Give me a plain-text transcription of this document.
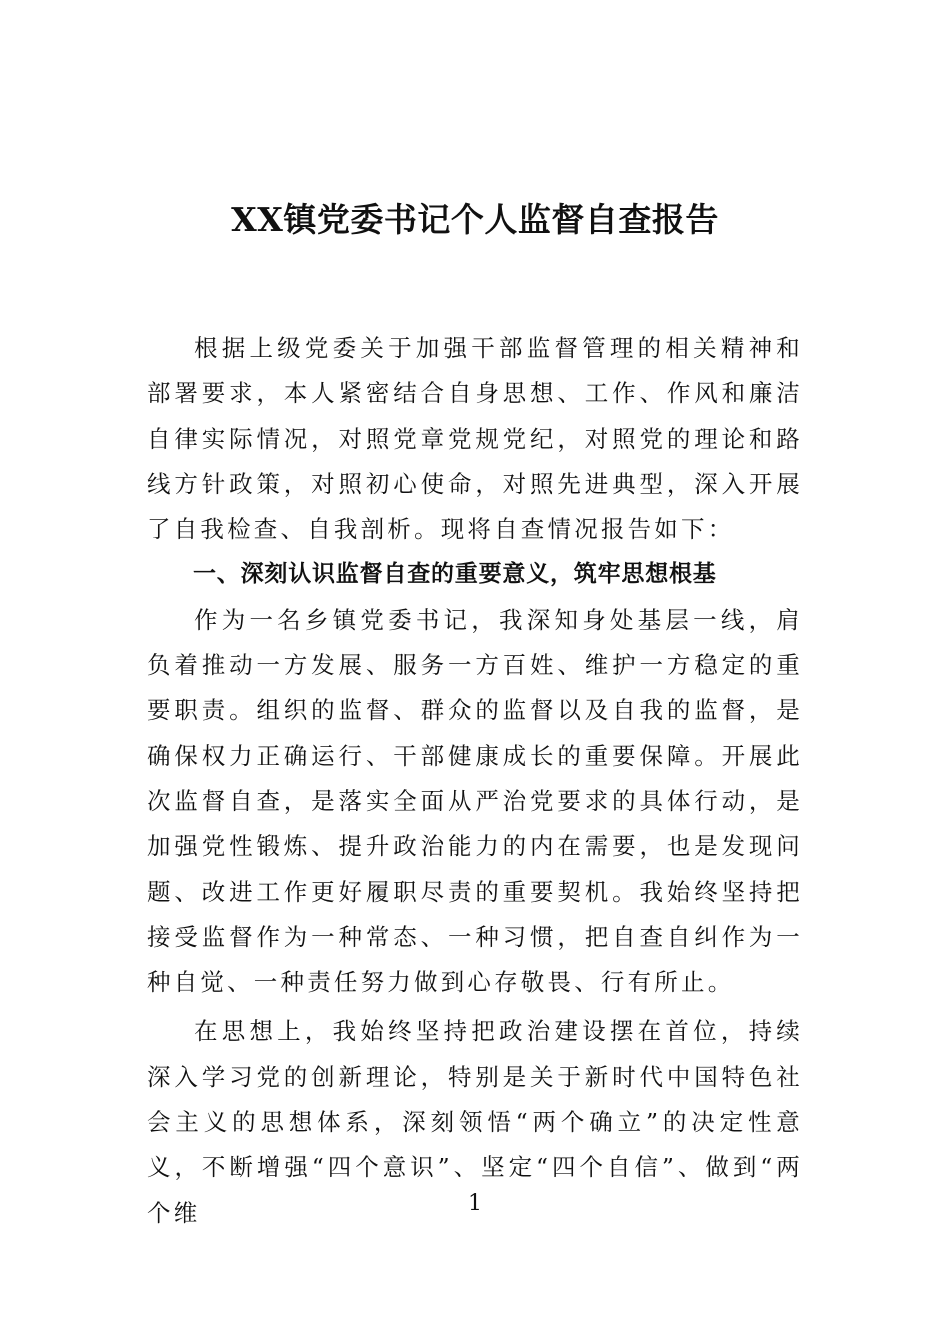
XX镇党委书记个人监督自查报告

根据上级党委关于加强干部监督管理的相关精神和部署要求，本人紧密结合自身思想、工作、作风和廉洁自律实际情况，对照党章党规党纪，对照党的理论和路线方针政策，对照初心使命，对照先进典型，深入开展了自我检查、自我剖析。现将自查情况报告如下：

一、深刻认识监督自查的重要意义，筑牢思想根基

作为一名乡镇党委书记，我深知身处基层一线，肩负着推动一方发展、服务一方百姓、维护一方稳定的重要职责。组织的监督、群众的监督以及自我的监督，是确保权力正确运行、干部健康成长的重要保障。开展此次监督自查，是落实全面从严治党要求的具体行动，是加强党性锻炼、提升政治能力的内在需要，也是发现问题、改进工作更好履职尽责的重要契机。我始终坚持把接受监督作为一种常态、一种习惯，把自查自纠作为一种自觉、一种责任努力做到心存敬畏、行有所止。

在思想上，我始终坚持把政治建设摆在首位，持续深入学习党的创新理论，特别是关于新时代中国特色社会主义的思想体系，深刻领悟“两个确立”的决定性意义，不断增强“四个意识”、坚定“四个自信”、做到“两个维	1
